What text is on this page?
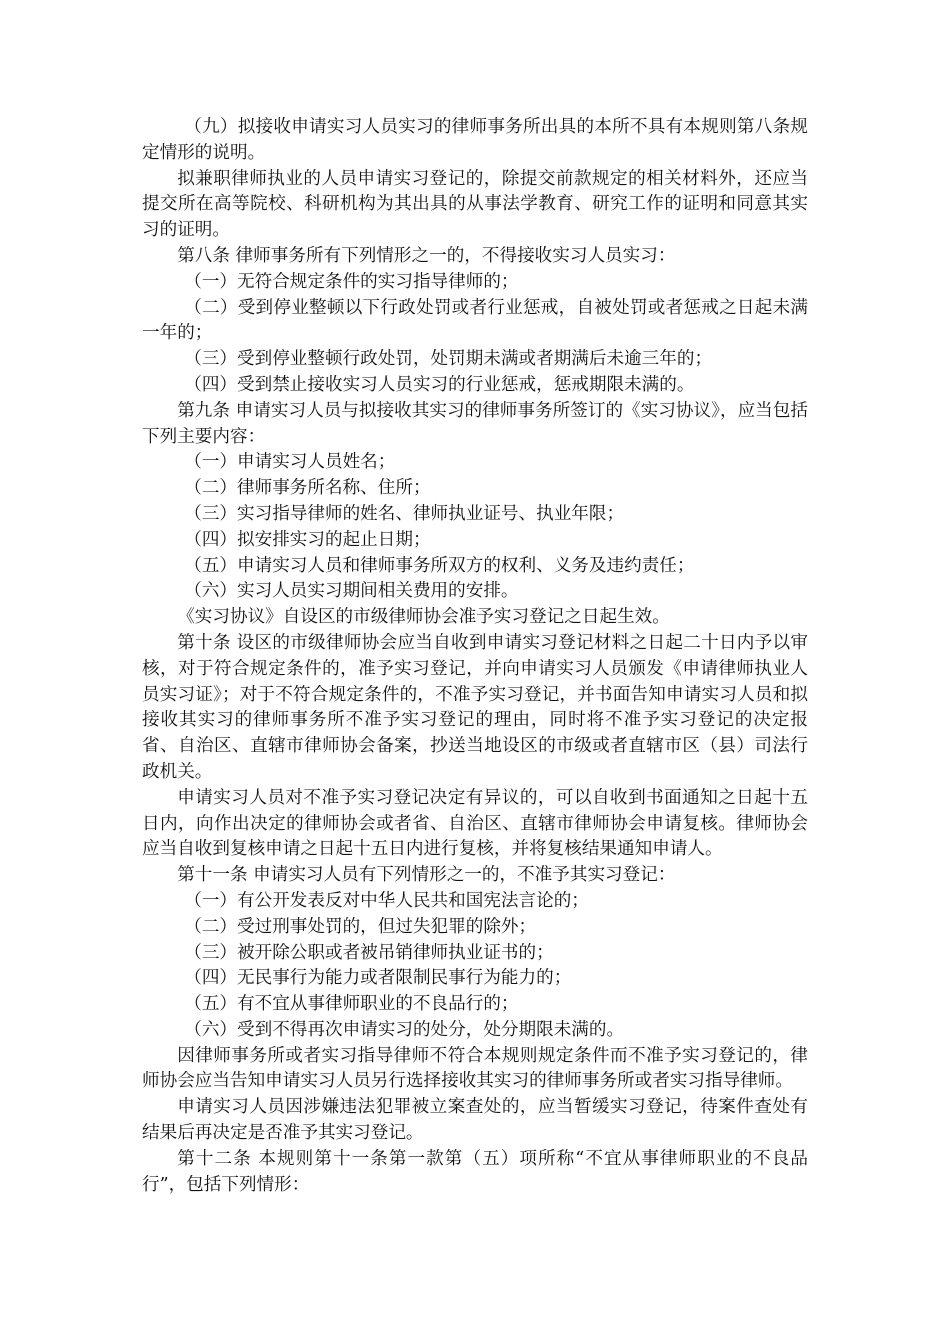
（九）拟接收申请实习人员实习的律师事务所出具的本所不具有本规则第八条规定情形的说明。

拟兼职律师执业的人员申请实习登记的，除提交前款规定的相关材料外，还应当提交所在高等院校、科研机构为其出具的从事法学教育、研究工作的证明和同意其实习的证明。

第八条 律师事务所有下列情形之一的，不得接收实习人员实习：

（一）无符合规定条件的实习指导律师的；

（二）受到停业整顿以下行政处罚或者行业惩戒，自被处罚或者惩戒之日起未满一年的；

（三）受到停业整顿行政处罚，处罚期未满或者期满后未逾三年的；

（四）受到禁止接收实习人员实习的行业惩戒，惩戒期限未满的。

第九条 申请实习人员与拟接收其实习的律师事务所签订的《实习协议》，应当包括下列主要内容：

（一）申请实习人员姓名；

（二）律师事务所名称、住所；

（三）实习指导律师的姓名、律师执业证号、执业年限；

（四）拟安排实习的起止日期；

（五）申请实习人员和律师事务所双方的权利、义务及违约责任；

（六）实习人员实习期间相关费用的安排。

《实习协议》自设区的市级律师协会准予实习登记之日起生效。

第十条 设区的市级律师协会应当自收到申请实习登记材料之日起二十日内予以审核，对于符合规定条件的，准予实习登记，并向申请实习人员颁发《申请律师执业人员实习证》；对于不符合规定条件的，不准予实习登记，并书面告知申请实习人员和拟接收其实习的律师事务所不准予实习登记的理由，同时将不准予实习登记的决定报省、自治区、直辖市律师协会备案，抄送当地设区的市级或者直辖市区（县）司法行政机关。

申请实习人员对不准予实习登记决定有异议的，可以自收到书面通知之日起十五日内，向作出决定的律师协会或者省、自治区、直辖市律师协会申请复核。律师协会应当自收到复核申请之日起十五日内进行复核，并将复核结果通知申请人。

第十一条 申请实习人员有下列情形之一的，不准予其实习登记：

（一）有公开发表反对中华人民共和国宪法言论的；

（二）受过刑事处罚的，但过失犯罪的除外；

（三）被开除公职或者被吊销律师执业证书的；

（四）无民事行为能力或者限制民事行为能力的；

（五）有不宜从事律师职业的不良品行的；

（六）受到不得再次申请实习的处分，处分期限未满的。

因律师事务所或者实习指导律师不符合本规则规定条件而不准予实习登记的，律师协会应当告知申请实习人员另行选择接收其实习的律师事务所或者实习指导律师。

申请实习人员因涉嫌违法犯罪被立案查处的，应当暂缓实习登记，待案件查处有结果后再决定是否准予其实习登记。

第十二条 本规则第十一条第一款第（五）项所称“不宜从事律师职业的不良品行”，包括下列情形：
